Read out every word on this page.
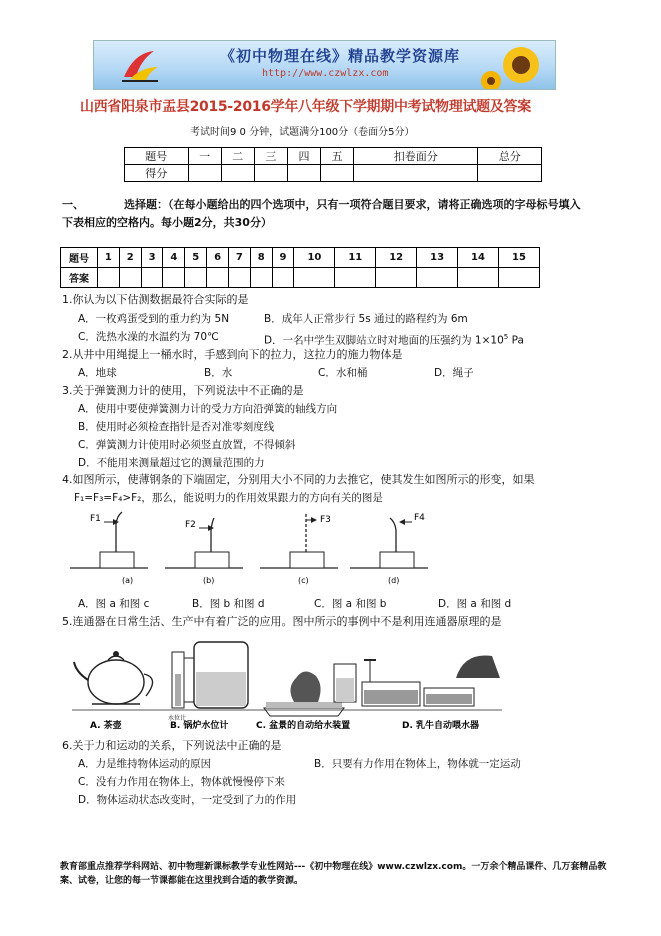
《初中物理在线》精品教学资源库
http://www.czwlzx.com
山西省阳泉市盂县2015-2016学年八年级下学期期中考试物理试题及答案
考试时间9 0 分钟，试题满分100分（卷面分5分）
题号	一	二	三	四	五	扣卷面分	总分
得分							
一、	选择题：（在每小题给出的四个选项中，只有一项符合题目要求，请将正确选项的字母标号填入下表相应的空格内。每小题2分，共30分）
题号	1	2	3	4	5	6	7	8	9	10	11	12	13	14	15
答案															
1.你认为以下估测数据最符合实际的是
A．一枚鸡蛋受到的重力约为 5N	B．成年人正常步行 5s 通过的路程约为 6m
C．洗热水澡的水温约为 70℃	D．一名中学生双脚站立时对地面的压强约为 $1\times 10^5$ Pa
2.从井中用绳提上一桶水时，手感到向下的拉力，这拉力的施力物体是
A．地球	B．水	C．水和桶	D．绳子
3.关于弹簧测力计的使用，下列说法中不正确的是
A．使用中要使弹簧测力计的受力方向沿弹簧的轴线方向
B．使用时必须检查指针是否对准零刻度线
C．弹簧测力计使用时必须竖直放置，不得倾斜
D．不能用来测量超过它的测量范围的力
4.如图所示，使薄钢条的下端固定，分别用大小不同的力去推它，使其发生如图所示的形变，如果
F₁=F₃=F₄>F₂，那么，能说明力的作用效果跟力的方向有关的图是
F1
(a)
F2
(b)
F3
(c)
F4
(d)
A．图 a 和图 c	B．图 b 和图 d	C．图 a 和图 b	D．图 a 和图 d
5.连通器在日常生活、生产中有着广泛的应用。图中所示的事例中不是利用连通器原理的是
水位计
A. 茶壶	B. 锅炉水位计	C. 盆景的自动给水装置	D. 乳牛自动喂水器
6.关于力和运动的关系，下列说法中正确的是
A．力是维持物体运动的原因	B．只要有力作用在物体上，物体就一定运动
C．没有力作用在物体上，物体就慢慢停下来
D．物体运动状态改变时，一定受到了力的作用
教育部重点推荐学科网站、初中物理新课标教学专业性网站---《初中物理在线》www.czwlzx.com。一万余个精品课件、几万套精品教案、试卷，让您的每一节课都能在这里找到合适的教学资源。
